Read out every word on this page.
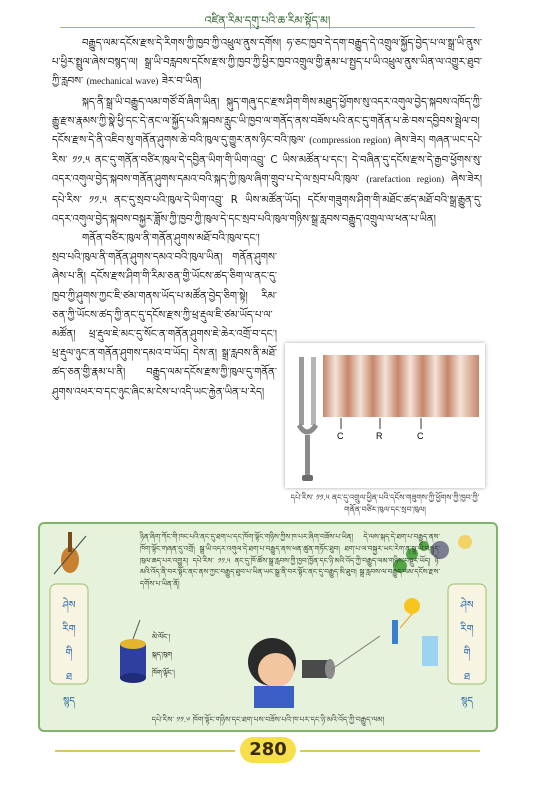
འཛིན་རིམ་དགུ་པའི་ཆ་རིམ་སྟོད་མ།

བརྒྱུད་ལམ་དངོས་རྫས་དེ་རིགས་ཀྱི་ཁྱབ་ཀྱི་འཕྲུལ་ནུས་དགོས། ཧ་ཅང་ཁྱབ་དེ་དག་བརྒྱུད་དེ་འགྲུལ་སྐྱོད་བྱེད་པ་ལ་སྒྲ་ཡི་ནུས་པ་ཕྱིར་སྤྲུལ་ཞེས་བསྙད་ལ། སྒྲ་ཡི་བརླབས་དངོས་རྫས་ཀྱི་ཁྱབ་ཀྱི་ཕྱིར་ཁྱབ་འགྲུལ་གྱི་རྣམ་པ་སྤྱད་པ་ཡི་འཕྲུལ་ནུས་ཡིན་ལ་འགྱུར་ཐུབ་ཀྱི་རླབས་ (mechanical wave) ཟེར་བ་ཡིན།

སྐད་ནི་སྒྲ་ཡི་བརྒྱུད་ལམ་གཙོ་བོ་ཞིག་ཡིན། སྐུད་གཞུ་དང་རྫས་ཤིག་གིས་མཐུད་ཕྱོགས་སུ་འདར་འགུལ་བྱེད་སྐབས་འཁོད་ཀྱི་རྒྱུ་རྫས་རྣམས་ཀྱི་སྣེ་ཕྱི་དང་དེ་ནང་ལ་སྐྱོད་པའི་སྐབས་རླུང་ཡི་ཁྱབ་ལ་གནོད་ནས་བཟོས་པའི་ནང་དུ་གནོན་པ་ཆེ་བས་དབྱིབས་སྦྲེལ་བ། དངོས་རྫས་དེ་ནི་འཇིབ་སུ་གནོན་ཤུགས་ཆེ་བའི་ཁུལ་དུ་གྱུར་ནས་ཉིང་བའི་ཁུལ་ (compression region) ཞེས་ཟེར། གཞན་ཡང་དཔེ་རིས་ ༡༡.༥ ནང་དུ་གནོན་བཙིར་ཁུལ་དེ་དབྱིན་ཡིག་གི་ཡིག་འབྲུ་ C ཡིས་མཚོན་པ་དང་། དེ་བཞིན་དུ་དངོས་རྫས་དེ་རྒྱབ་ཕྱོགས་སུ་འདར་འགུལ་བྱེད་སྐབས་གནོན་ཤུགས་དམའ་བའི་སྐད་ཀྱི་ཁུལ་ཞིག་གྲུབ་པ་དེ་ལ་སྲབ་པའི་ཁུལ་ (rarefaction region) ཞེས་ཟེར། དཔེ་རིས་ ༡༡.༥ ནང་དུ་སྲབ་པའི་ཁུལ་དེ་ཡིག་འབྲུ་ R ཡིས་མཚོན་ཡོད། དངོས་གཟུགས་ཤིག་གི་མཐོང་ཚད་མཐོ་བའི་སྒྲ་རྒྱུན་དུ་འདར་འགུལ་བྱེད་སྐབས་བསྐྱར་ཟློས་ཀྱི་ཁྱབ་ཀྱི་ཁུལ་དེ་དང་སྲབ་པའི་ཁུལ་གཉིས་སྒྲ་རླབས་བརྒྱུད་འགྲུལ་ལ་ཕན་པ་ཡིན།

གནོན་བཙིར་ཁུལ་ནི་གནོན་ཤུགས་མཐོ་བའི་ཁུལ་དང་། སྲབ་པའི་ཁུལ་ནི་གནོན་ཤུགས་དམའ་བའི་ཁུལ་ཡིན། གནོན་ཤུགས་ཞེས་པ་ནི། དངོས་རྫས་ཤིག་གི་རིམ་ཅན་གྱི་ཡོངས་ཚད་ཅིག་ལ་ནང་དུ་ཁྱབ་ཀྱི་ཤུགས་ཀྱང་ཇི་ཙམ་གནས་ཡོད་པ་མཚོན་བྱེད་ཅིག་སྟེ། རིམ་ཅན་ཀྱི་ཡོངས་ཚད་ཀྱི་ནང་དུ་དངོས་རྫས་ཀྱི་ཕྲ་རྡུལ་ཇི་ཙམ་ཡོད་པ་ལ་མཚོན། ཕྲ་རྡུལ་ཇེ་མང་དུ་སོང་ན་གནོན་ཤུགས་ཇེ་ཆེར་འགྲོ་བ་དང་། ཕྲ་རྡུལ་ཉུང་ན་གནོན་ཤུགས་དམའ་བ་ཡོད། དེས་ན། སྒྲ་རླབས་ནི་མཐོ་ཚད་ཅན་གྱི་རྣམ་པ་ནི། བརྒྱུད་ལམ་དངོས་རྫས་ཀྱི་ཁུལ་དུ་གནོན་ཤུགས་འཕར་བ་དང་ཉུང་ཞིང་མ་ངེས་པ་འདི་ཡང་རྐྱེན་ཡིན་པ་རེད།

C	R	C
དཔེ་རིས་ ༡༡.༥ ནང་དུ་འགྲུལ་ཕྱིན་པའི་དངོས་གཟུགས་ཀྱི་ཕྱོགས་ཀྱི་ཁྱབ་ཀྱི་གནོན་བཙིར་ཁུལ་དང་སྲབ་ཁུལ།
ཉིན་ཞིག་ཀོང་གི་ཁང་པའི་ནང་དུ་ཐག་པ་དང་ཁོག་ལྟོང་གཉིས་ཀྱིས་ཁ་པར་ཞིག་བཟོས་པ་ཡིན། དེ་ལས་སྐད་དེ་ཐག་པ་བརྒྱུད་ནས་ཁོག་ལྟོང་གཞན་དུ་འགྲོ། སྒྲ་ཡི་འདར་འགུལ་དེ་ཐག་པ་བརྒྱུད་ནས་ཕན་ཚུན་གཏོང་ཐུབ། ཐག་པ་ལ་བསྐྱར་ཡང་རེག་ན་སྒྲ་ཡི་བརྒྱུད་ཁུལ་ཆད་པར་འགྱུར། དཔེ་རིས་ ༡༡.༥ ནང་དུ་ཁོ་ཚོས་སྒྲ་རླབས་ཀྱི་ཁྱབ་ཁྱོན་དང་ཉི་མའི་འོད་ཀྱི་བརྒྱུད་ལམ་གཉིས་བསྡུར་ཡོད། ཉི་མའི་འོད་ནི་བར་སྟོང་ནང་ནས་ཀྱང་བརྒྱུད་ཐུབ་པ་ཡིན་ཡང་སྒྲ་ནི་བར་སྟོང་ནང་དུ་བརྒྱུད་མི་ཐུབ། སྒྲ་རླབས་ལ་བརྒྱུད་ལམ་དངོས་རྫས་དགོས་པ་ཡིན་ནོ།
ཤེས
རིག
གི
ཐ
སྙད
ཤེས
རིག
གི
ཐ
སྙད
མེ་ལོང་།
སྐད་ཁུག
ཁོག་ལྟོང་།
དཔེ་རིས་ ༡༡.༦ ཁོག་ལྟོང་གཉིས་དང་ཐག་པས་བཟོས་པའི་ཁ་པར་དང་ཉི་མའི་འོད་ཀྱི་བརྒྱུད་ལམ།
280
